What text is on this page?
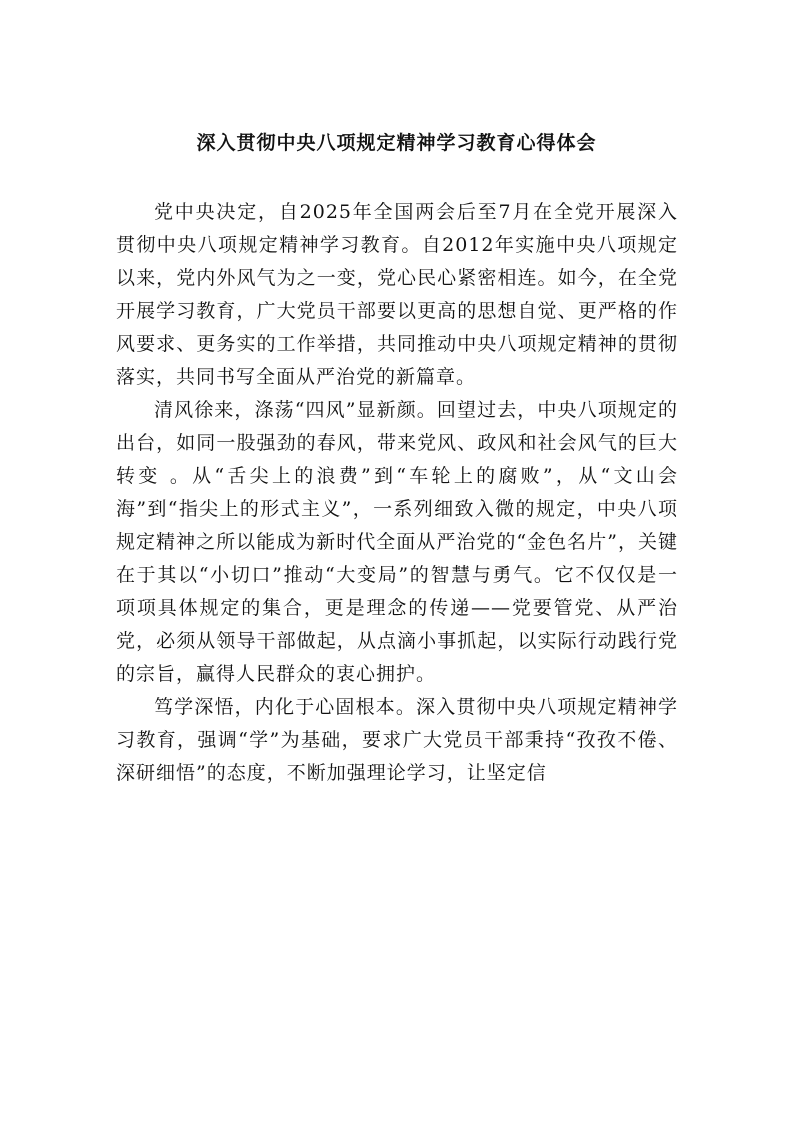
深入贯彻中央八项规定精神学习教育心得体会

党中央决定，自2025年全国两会后至7月在全党开展深入贯彻中央八项规定精神学习教育。自2012年实施中央八项规定以来，党内外风气为之一变，党心民心紧密相连。如今，在全党开展学习教育，广大党员干部要以更高的思想自觉、更严格的作风要求、更务实的工作举措，共同推动中央八项规定精神的贯彻落实，共同书写全面从严治党的新篇章。

清风徐来，涤荡“四风”显新颜。回望过去，中央八项规定的出台，如同一股强劲的春风，带来党风、政风和社会风气的巨大转变 。从“舌尖上的浪费”到“车轮上的腐败”，从“文山会海”到“指尖上的形式主义”，一系列细致入微的规定，中央八项规定精神之所以能成为新时代全面从严治党的“金色名片”，关键在于其以“小切口”推动“大变局”的智慧与勇气。它不仅仅是一项项具体规定的集合，更是理念的传递——党要管党、从严治党，必须从领导干部做起，从点滴小事抓起，以实际行动践行党的宗旨，赢得人民群众的衷心拥护。

笃学深悟，内化于心固根本。深入贯彻中央八项规定精神学习教育，强调“学”为基础，要求广大党员干部秉持“孜孜不倦、深研细悟”的态度，不断加强理论学习，让坚定信
